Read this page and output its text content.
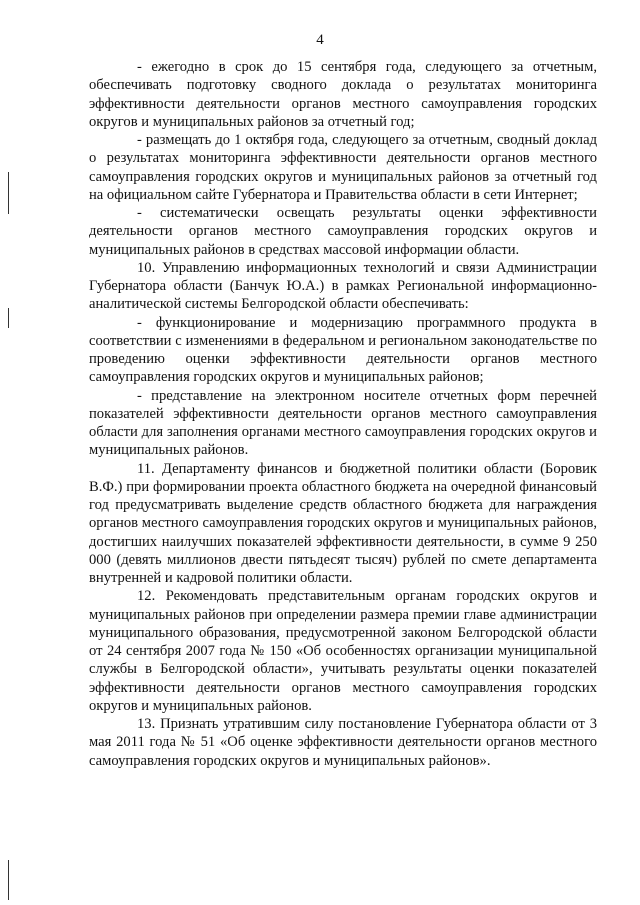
4

- ежегодно в срок до 15 сентября года, следующего за отчетным, обеспечивать подготовку сводного доклада о результатах мониторинга эффективности деятельности органов местного самоуправления городских округов и муниципальных районов за отчетный год;

- размещать до 1 октября года, следующего за отчетным, сводный доклад о результатах мониторинга эффективности деятельности органов местного самоуправления городских округов и муниципальных районов за отчетный год на официальном сайте Губернатора и Правительства области в сети Интернет;

- систематически освещать результаты оценки эффективности деятельности органов местного самоуправления городских округов и муниципальных районов в средствах массовой информации области.

10. Управлению информационных технологий и связи Администрации Губернатора области (Банчук Ю.А.) в рамках Региональной информационно-аналитической системы Белгородской области обеспечивать:

- функционирование и модернизацию программного продукта в соответствии с изменениями в федеральном и региональном законодательстве по проведению оценки эффективности деятельности органов местного самоуправления городских округов и муниципальных районов;

- представление на электронном носителе отчетных форм перечней показателей эффективности деятельности органов местного самоуправления области для заполнения органами местного самоуправления городских округов и муниципальных районов.

11. Департаменту финансов и бюджетной политики области (Боровик В.Ф.) при формировании проекта областного бюджета на очередной финансовый год предусматривать выделение средств областного бюджета для награждения органов местного самоуправления городских округов и муниципальных районов, достигших наилучших показателей эффективности деятельности, в сумме 9 250 000 (девять миллионов двести пятьдесят тысяч) рублей по смете департамента внутренней и кадровой политики области.

12. Рекомендовать представительным органам городских округов и муниципальных районов при определении размера премии главе администрации муниципального образования, предусмотренной законом Белгородской области от 24 сентября 2007 года № 150 «Об особенностях организации муниципальной службы в Белгородской области», учитывать результаты оценки показателей эффективности деятельности органов местного самоуправления городских округов и муниципальных районов.

13. Признать утратившим силу постановление Губернатора области от 3 мая 2011 года № 51 «Об оценке эффективности деятельности органов местного самоуправления городских округов и муниципальных районов».
